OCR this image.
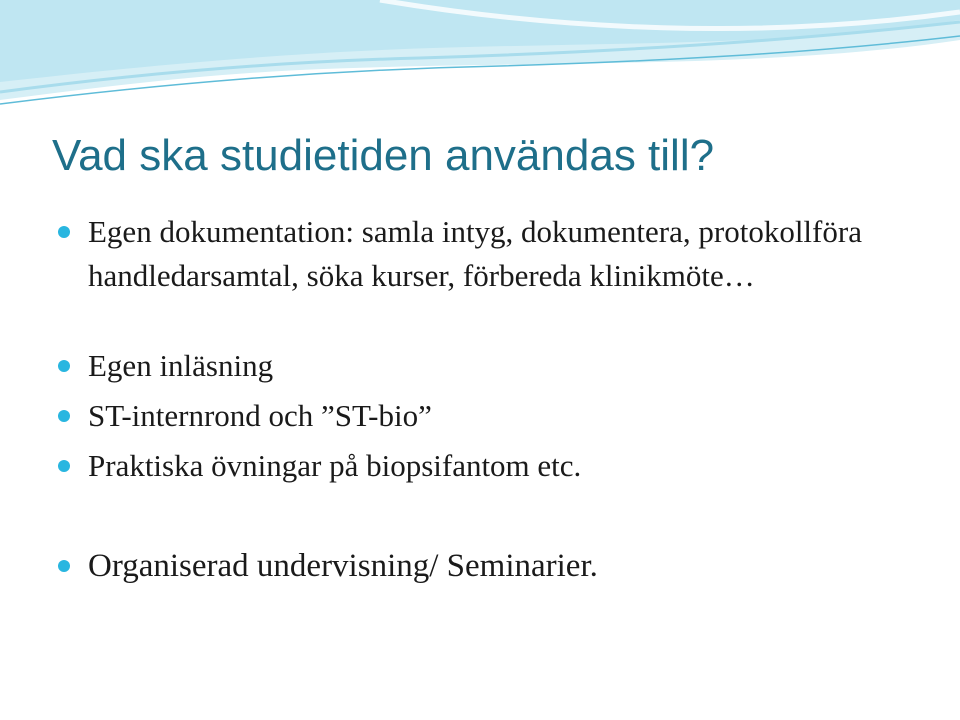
Vad ska studietiden användas till?
Egen dokumentation: samla intyg, dokumentera, protokollföra handledarsamtal, söka kurser, förbereda klinikmöte…
Egen inläsning
ST-internrond och ”ST-bio”
Praktiska övningar på biopsifantom etc.
Organiserad undervisning/ Seminarier.
